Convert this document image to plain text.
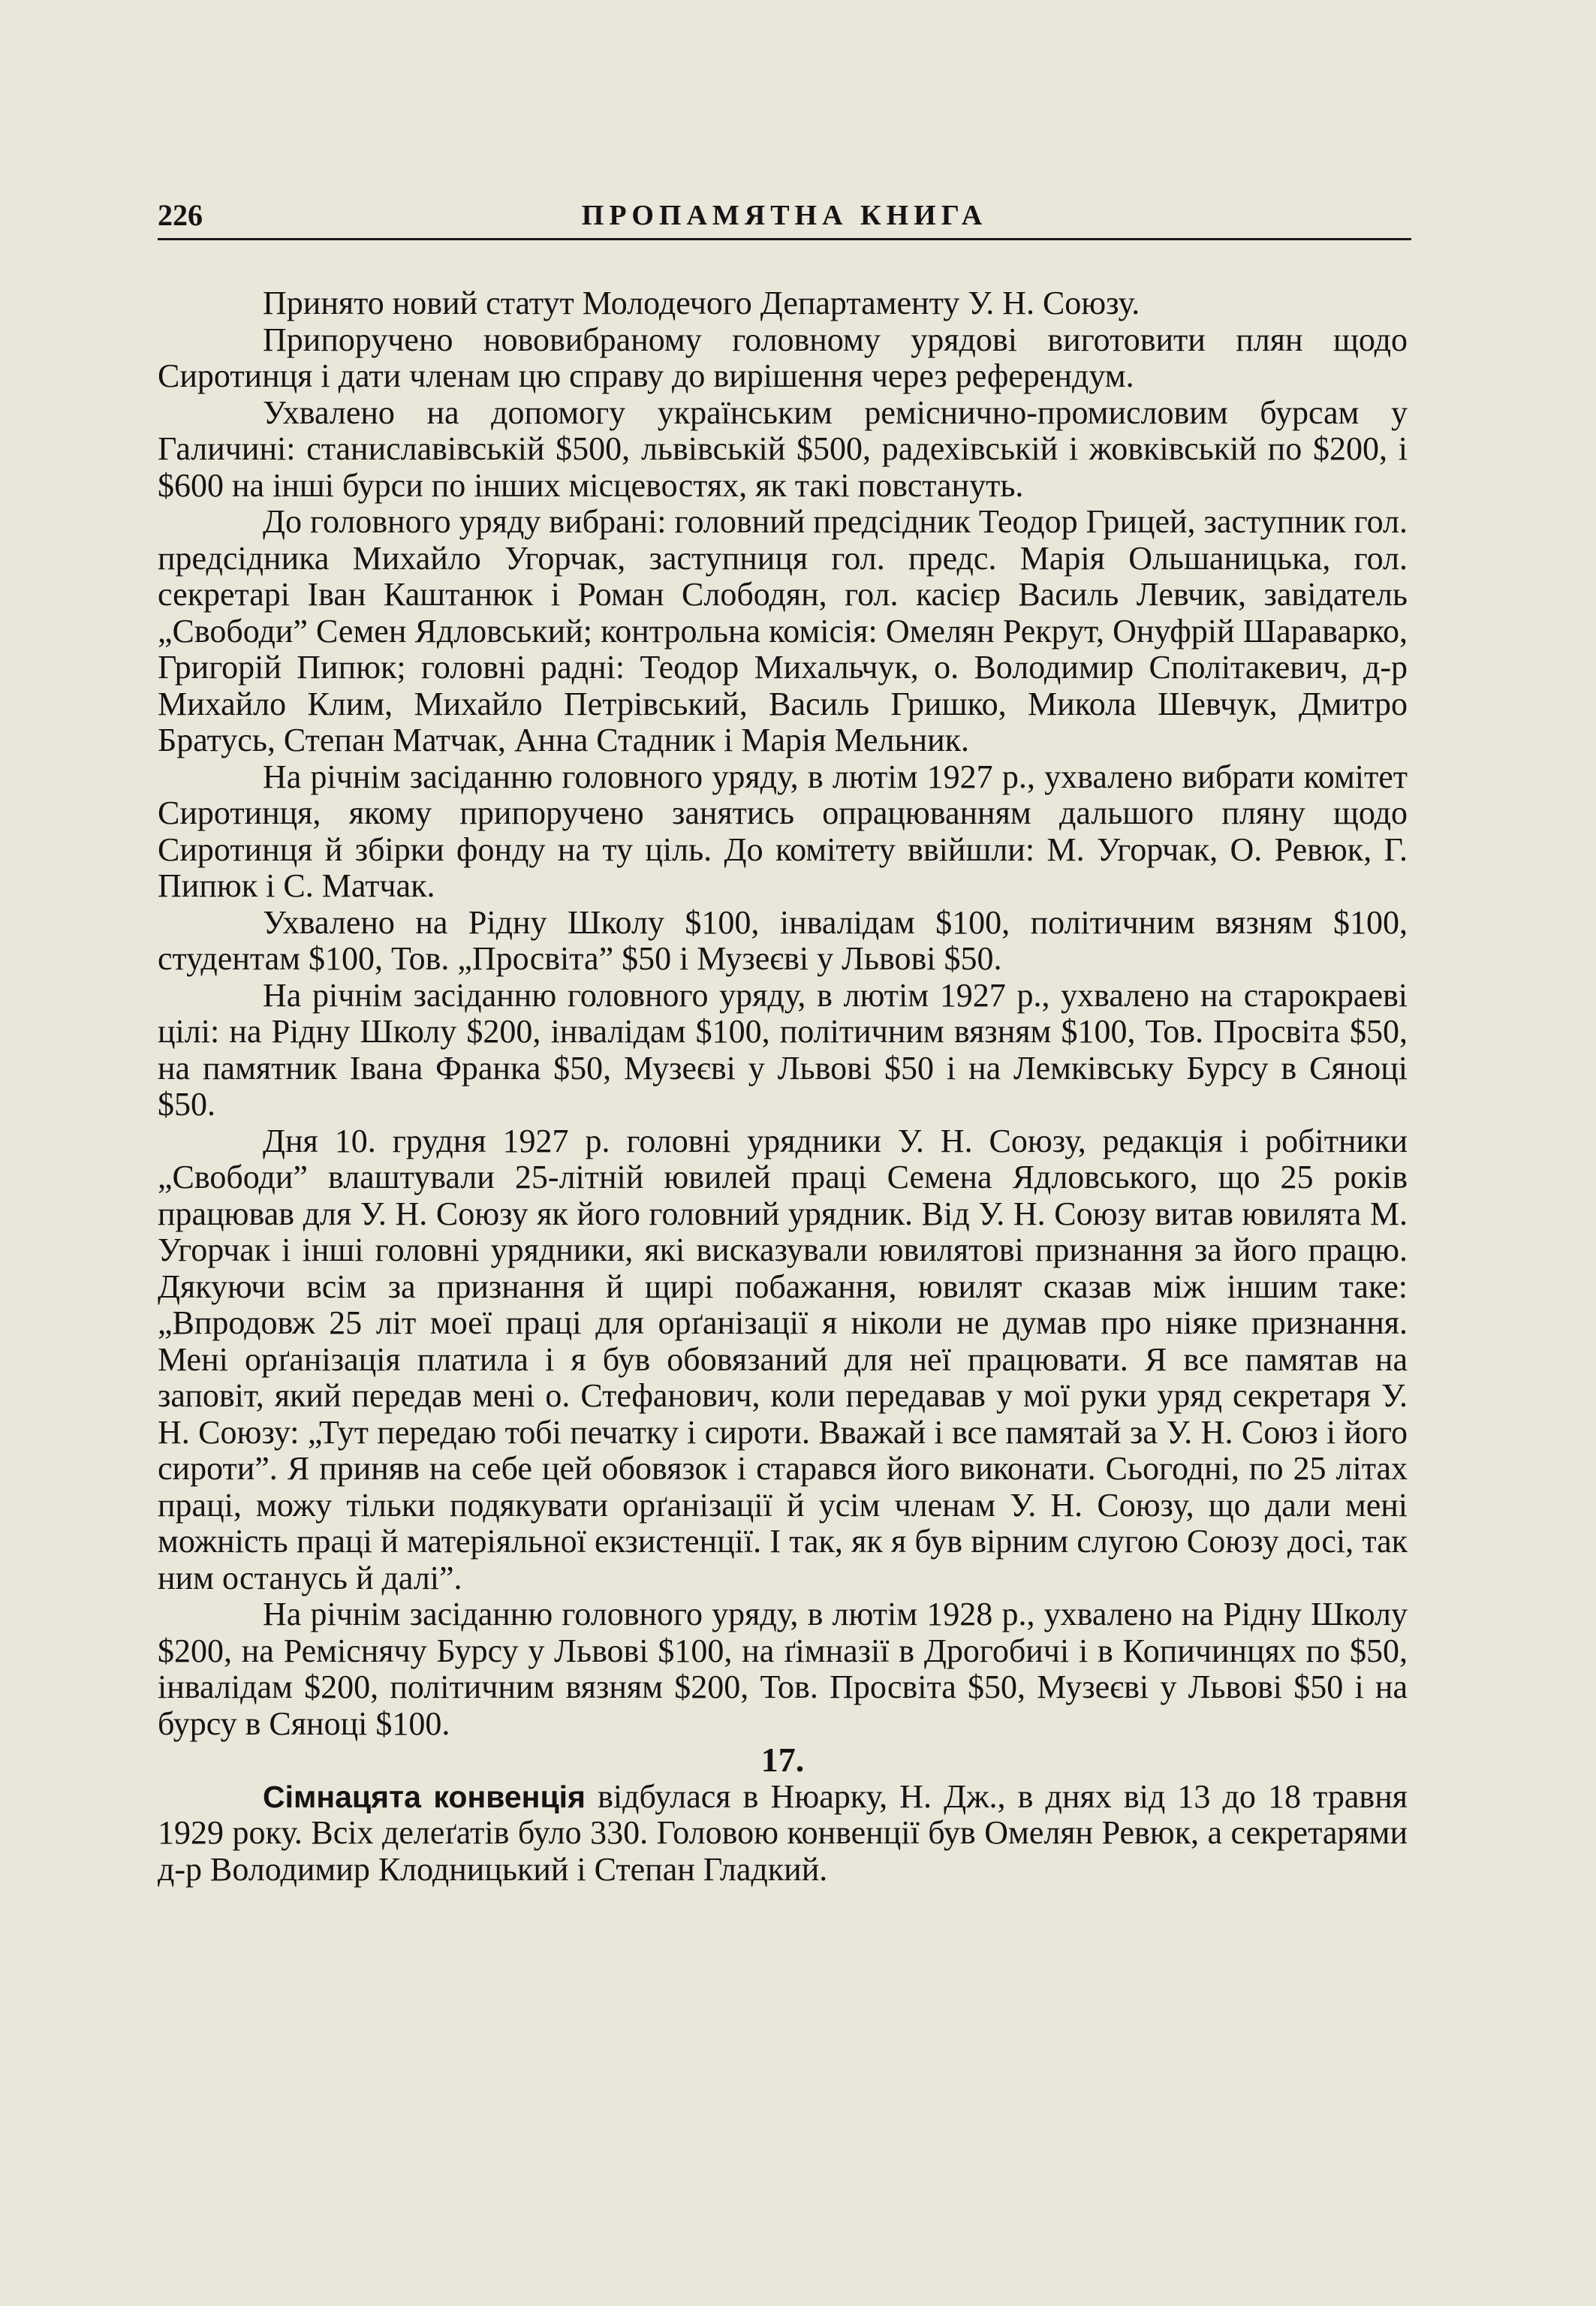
226	ПРОПАМЯТНА КНИГА

Принято новий статут Молодечого Департаменту У. Н. Союзу.

Припоручено нововибраному головному урядові виготовити плян щодо Сиротинця і дати членам цю справу до вирішення через референдум.

Ухвалено на допомогу українським реміснично-промисловим бурсам у Галичині: станиславівській $500, львівській $500, радехівській і жовківській по $200, і $600 на інші бурси по інших місцевостях, як такі повстануть.

До головного уряду вибрані: головний предсідник Теодор Грицей, заступник гол. предсідника Михайло Угорчак, заступниця гол. предс. Марія Ольшаницька, гол. секретарі Іван Каштанюк і Роман Слободян, гол. касієр Василь Левчик, завідатель „Свободи” Семен Ядловський; контрольна комісія: Омелян Рекрут, Онуфрій Шараварко, Григорій Пипюк; головні радні: Теодор Михальчук, о. Володимир Сполітакевич, д-р Михайло Клим, Михайло Петрівський, Василь Гришко, Микола Шевчук, Дмитро Братусь, Степан Матчак, Анна Стадник і Марія Мельник.

На річнім засіданню головного уряду, в лютім 1927 р., ухвалено вибрати комітет Сиротинця, якому припоручено занятись опрацюванням дальшого пляну щодо Сиротинця й збірки фонду на ту ціль. До комітету ввійшли: М. Угорчак, О. Ревюк, Г. Пипюк і С. Матчак.

Ухвалено на Рідну Школу $100, інвалідам $100, політичним вязням $100, студентам $100, Тов. „Просвіта” $50 і Музеєві у Львові $50.

На річнім засіданню головного уряду, в лютім 1927 р., ухвалено на старокраеві цілі: на Рідну Школу $200, інвалідам $100, політичним вязням $100, Тов. Просвіта $50, на памятник Івана Франка $50, Музеєві у Львові $50 і на Лемківську Бурсу в Сяноці $50.

Дня 10. грудня 1927 р. головні урядники У. Н. Союзу, редакція і робітники „Свободи” влаштували 25-літній ювилей праці Семена Ядловського, що 25 років працював для У. Н. Союзу як його головний урядник. Від У. Н. Союзу витав ювилята М. Угорчак і інші головні урядники, які висказували ювилятові признання за його працю. Дякуючи всім за признання й щирі побажання, ювилят сказав між іншим таке: „Впродовж 25 літ моеї праці для орґанізації я ніколи не думав про ніяке признання. Мені орґанізація платила і я був обовязаний для неї працювати. Я все памятав на заповіт, який передав мені о. Стефанович, коли передавав у мої руки уряд секретаря У. Н. Союзу: „Тут передаю тобі печатку і сироти. Вважай і все памятай за У. Н. Союз і його сироти”. Я приняв на себе цей обовязок і старався його виконати. Сьогодні, по 25 літах праці, можу тільки подякувати орґанізації й усім членам У. Н. Союзу, що дали мені можність праці й матеріяльної екзистенції. І так, як я був вірним слугою Союзу досі, так ним останусь й далі”.

На річнім засіданню головного уряду, в лютім 1928 р., ухвалено на Рідну Школу $200, на Реміснячу Бурсу у Львові $100, на ґімназії в Дрогобичі і в Копичинцях по $50, інвалідам $200, політичним вязням $200, Тов. Просвіта $50, Музеєві у Львові $50 і на бурсу в Сяноці $100.

17.

Сімнацята конвенція відбулася в Нюарку, Н. Дж., в днях від 13 до 18 травня 1929 року. Всіх делеґатів було 330. Головою конвенції був Омелян Ревюк, а секретарями д-р Володимир Клодницький і Степан Гладкий.
